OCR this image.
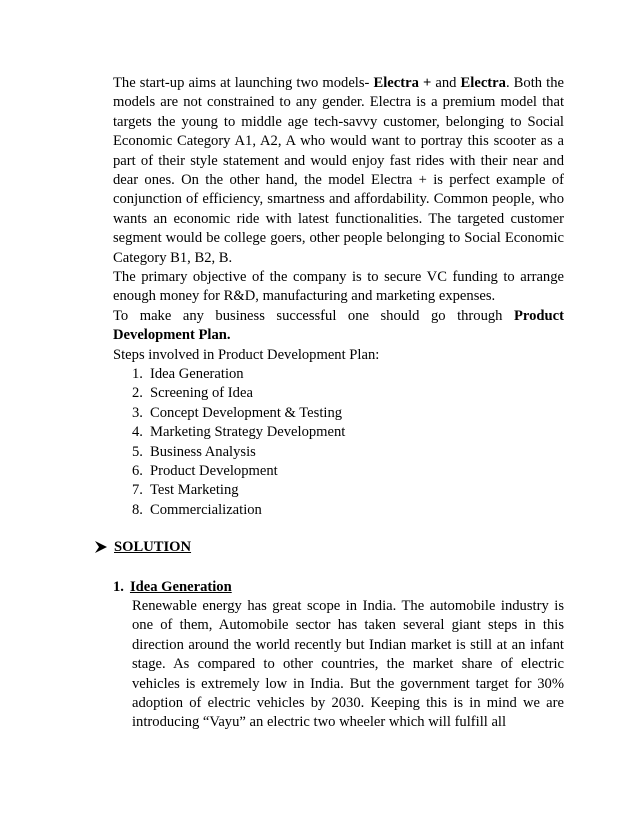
The start-up aims at launching two models- Electra + and Electra. Both the models are not constrained to any gender. Electra is a premium model that targets the young to middle age tech-savvy customer, belonging to Social Economic Category A1, A2, A who would want to portray this scooter as a part of their style statement and would enjoy fast rides with their near and dear ones. On the other hand, the model Electra + is perfect example of conjunction of efficiency, smartness and affordability. Common people, who wants an economic ride with latest functionalities. The targeted customer segment would be college goers, other people belonging to Social Economic Category B1, B2, B.

The primary objective of the company is to secure VC funding to arrange enough money for R&D, manufacturing and marketing expenses.

To make any business successful one should go through Product Development Plan.

Steps involved in Product Development Plan:

1. Idea Generation
2. Screening of Idea
3. Concept Development & Testing
4. Marketing Strategy Development
5. Business Analysis
6. Product Development
7. Test Marketing
8. Commercialization
SOLUTION
1. Idea Generation

Renewable energy has great scope in India. The automobile industry is one of them, Automobile sector has taken several giant steps in this direction around the world recently but Indian market is still at an infant stage. As compared to other countries, the market share of electric vehicles is extremely low in India. But the government target for 30% adoption of electric vehicles by 2030. Keeping this is in mind we are introducing “Vayu” an electric two wheeler which will fulfill all
